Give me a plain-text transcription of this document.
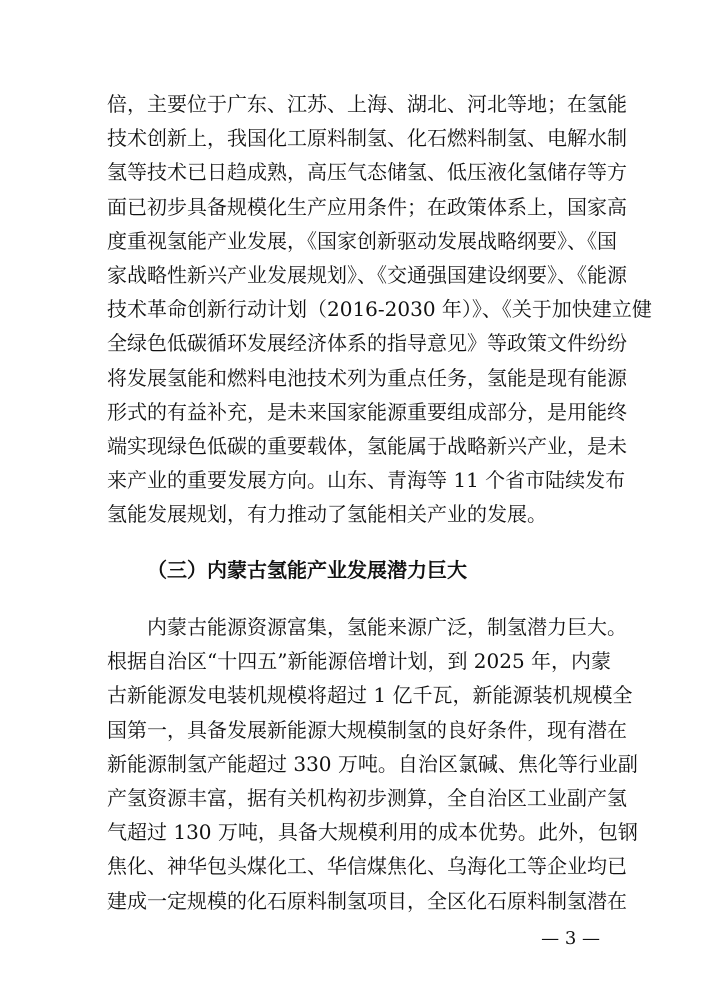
倍，主要位于广东、江苏、上海、湖北、河北等地；在氢能
技术创新上，我国化工原料制氢、化石燃料制氢、电解水制
氢等技术已日趋成熟，高压气态储氢、低压液化氢储存等方
面已初步具备规模化生产应用条件；在政策体系上，国家高
度重视氢能产业发展，《国家创新驱动发展战略纲要》、《国
家战略性新兴产业发展规划》、《交通强国建设纲要》、《能源
技术革命创新行动计划（2016-2030 年）》、《关于加快建立健
全绿色低碳循环发展经济体系的指导意见》等政策文件纷纷
将发展氢能和燃料电池技术列为重点任务，氢能是现有能源
形式的有益补充，是未来国家能源重要组成部分，是用能终
端实现绿色低碳的重要载体，氢能属于战略新兴产业，是未
来产业的重要发展方向。山东、青海等 11 个省市陆续发布
氢能发展规划，有力推动了氢能相关产业的发展。
（三）内蒙古氢能产业发展潜力巨大
内蒙古能源资源富集，氢能来源广泛，制氢潜力巨大。
根据自治区“十四五”新能源倍增计划，到 2025 年，内蒙
古新能源发电装机规模将超过 1 亿千瓦，新能源装机规模全
国第一，具备发展新能源大规模制氢的良好条件，现有潜在
新能源制氢产能超过 330 万吨。自治区氯碱、焦化等行业副
产氢资源丰富，据有关机构初步测算，全自治区工业副产氢
气超过 130 万吨，具备大规模利用的成本优势。此外，包钢
焦化、神华包头煤化工、华信煤焦化、乌海化工等企业均已
建成一定规模的化石原料制氢项目，全区化石原料制氢潜在
— 3 —
